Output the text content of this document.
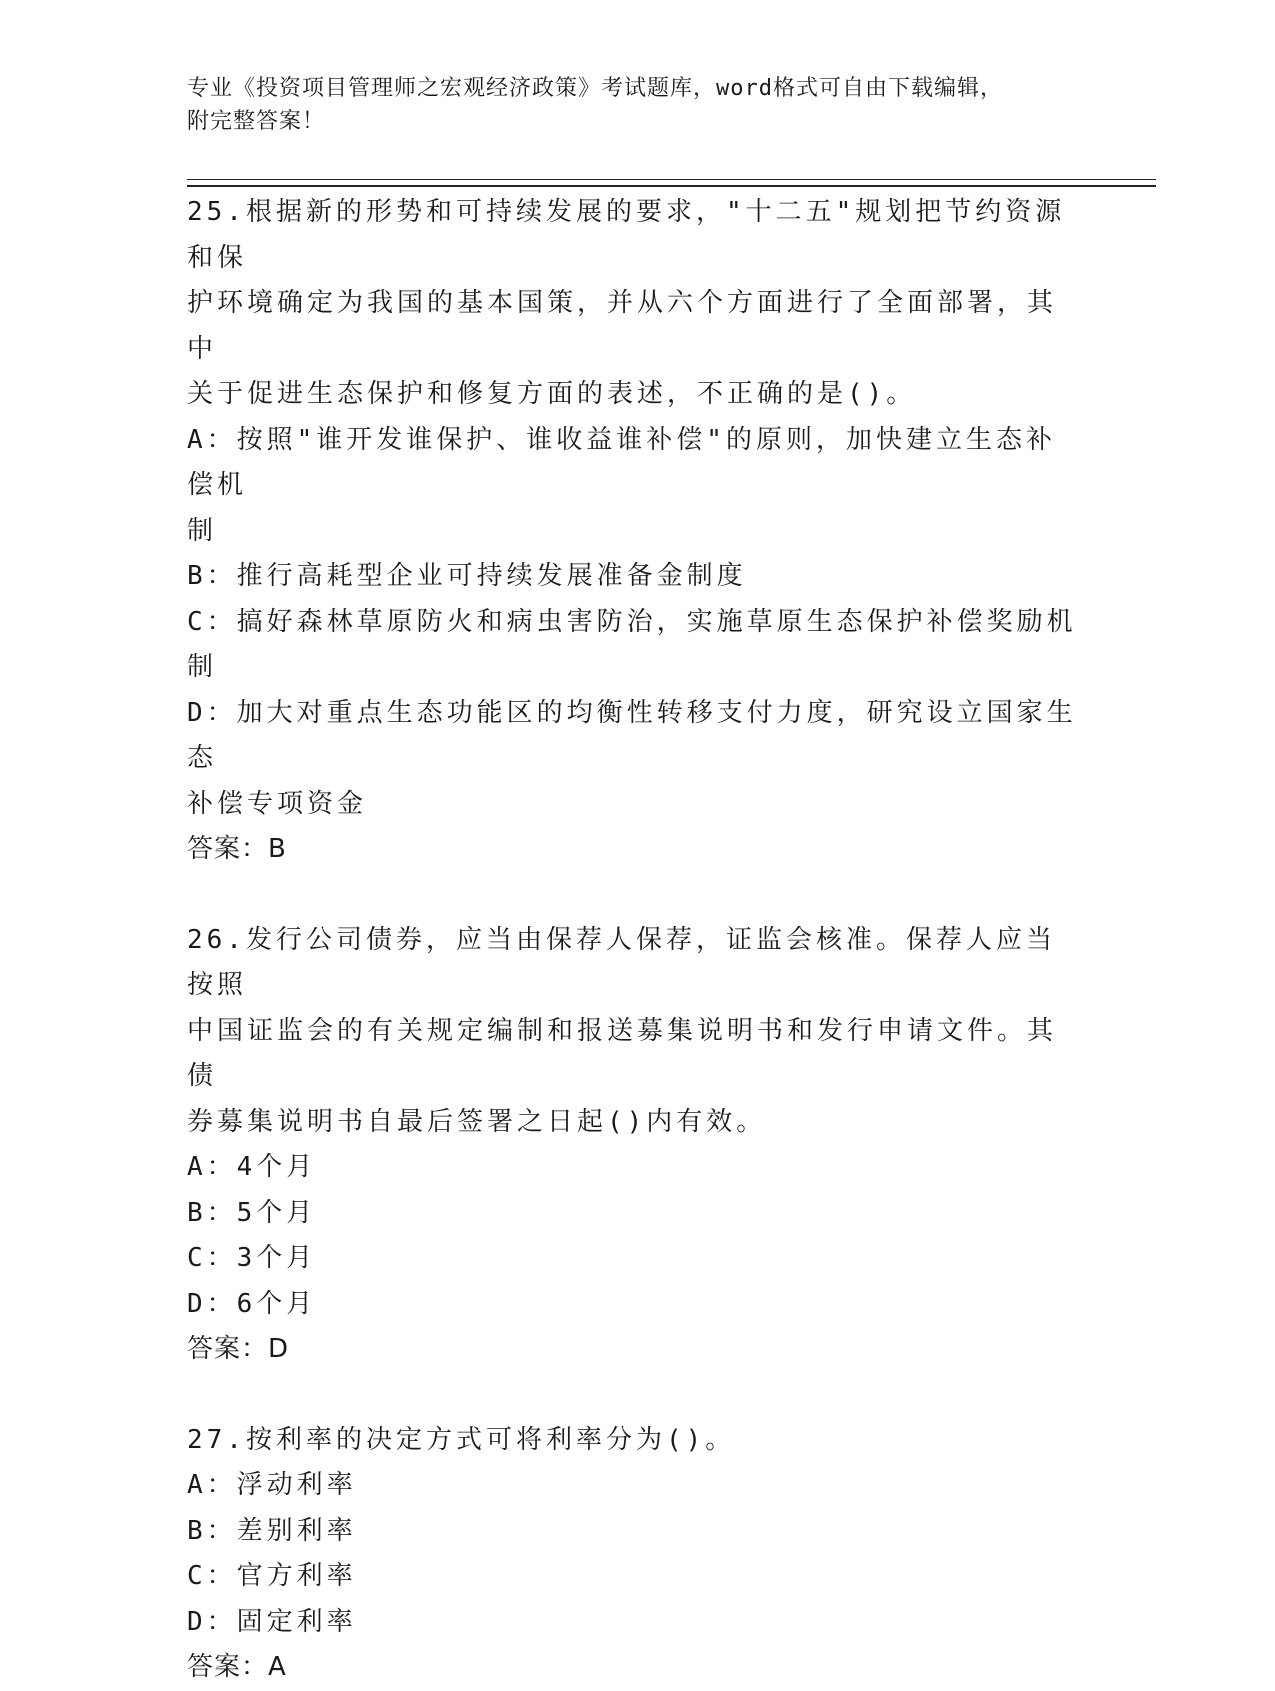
专业《投资项目管理师之宏观经济政策》考试题库，word格式可自由下载编辑，
附完整答案！
25.根据新的形势和可持续发展的要求，"十二五"规划把节约资源和保
护环境确定为我国的基本国策，并从六个方面进行了全面部署，其中
关于促进生态保护和修复方面的表述，不正确的是()。
A：按照"谁开发谁保护、谁收益谁补偿"的原则，加快建立生态补偿机
制
B：推行高耗型企业可持续发展准备金制度
C：搞好森林草原防火和病虫害防治，实施草原生态保护补偿奖励机制
D：加大对重点生态功能区的均衡性转移支付力度，研究设立国家生态
补偿专项资金
答案：B
26.发行公司债券，应当由保荐人保荐，证监会核准。保荐人应当按照
中国证监会的有关规定编制和报送募集说明书和发行申请文件。其债
券募集说明书自最后签署之日起()内有效。
A：4个月
B：5个月
C：3个月
D：6个月
答案：D
27.按利率的决定方式可将利率分为()。
A：浮动利率
B：差别利率
C：官方利率
D：固定利率
答案：A
